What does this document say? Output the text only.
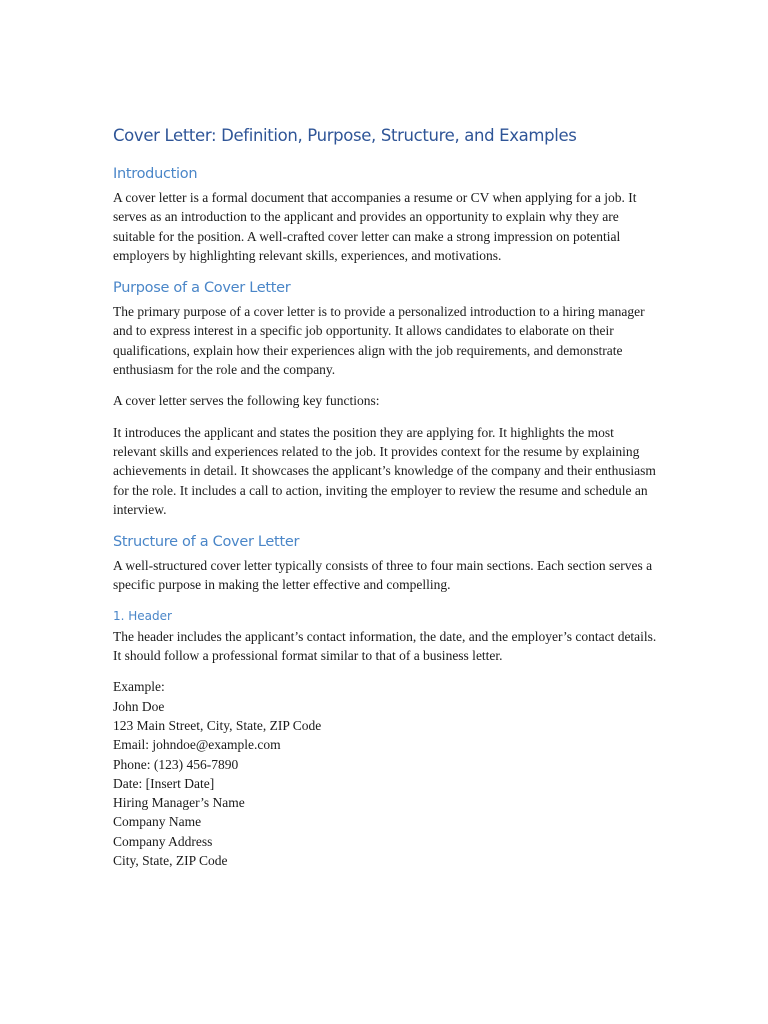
Cover Letter: Definition, Purpose, Structure, and Examples
Introduction

A cover letter is a formal document that accompanies a resume or CV when applying for a job. It serves as an introduction to the applicant and provides an opportunity to explain why they are suitable for the position. A well-crafted cover letter can make a strong impression on potential employers by highlighting relevant skills, experiences, and motivations.

Purpose of a Cover Letter

The primary purpose of a cover letter is to provide a personalized introduction to a hiring manager and to express interest in a specific job opportunity. It allows candidates to elaborate on their qualifications, explain how their experiences align with the job requirements, and demonstrate enthusiasm for the role and the company.

A cover letter serves the following key functions:

It introduces the applicant and states the position they are applying for. It highlights the most relevant skills and experiences related to the job. It provides context for the resume by explaining achievements in detail. It showcases the applicant’s knowledge of the company and their enthusiasm for the role. It includes a call to action, inviting the employer to review the resume and schedule an interview.

Structure of a Cover Letter

A well-structured cover letter typically consists of three to four main sections. Each section serves a specific purpose in making the letter effective and compelling.

1. Header

The header includes the applicant’s contact information, the date, and the employer’s contact details. It should follow a professional format similar to that of a business letter.

Example:

John Doe

123 Main Street, City, State, ZIP Code

Email: johndoe@example.com

Phone: (123) 456-7890

Date: [Insert Date]

Hiring Manager’s Name

Company Name

Company Address

City, State, ZIP Code
